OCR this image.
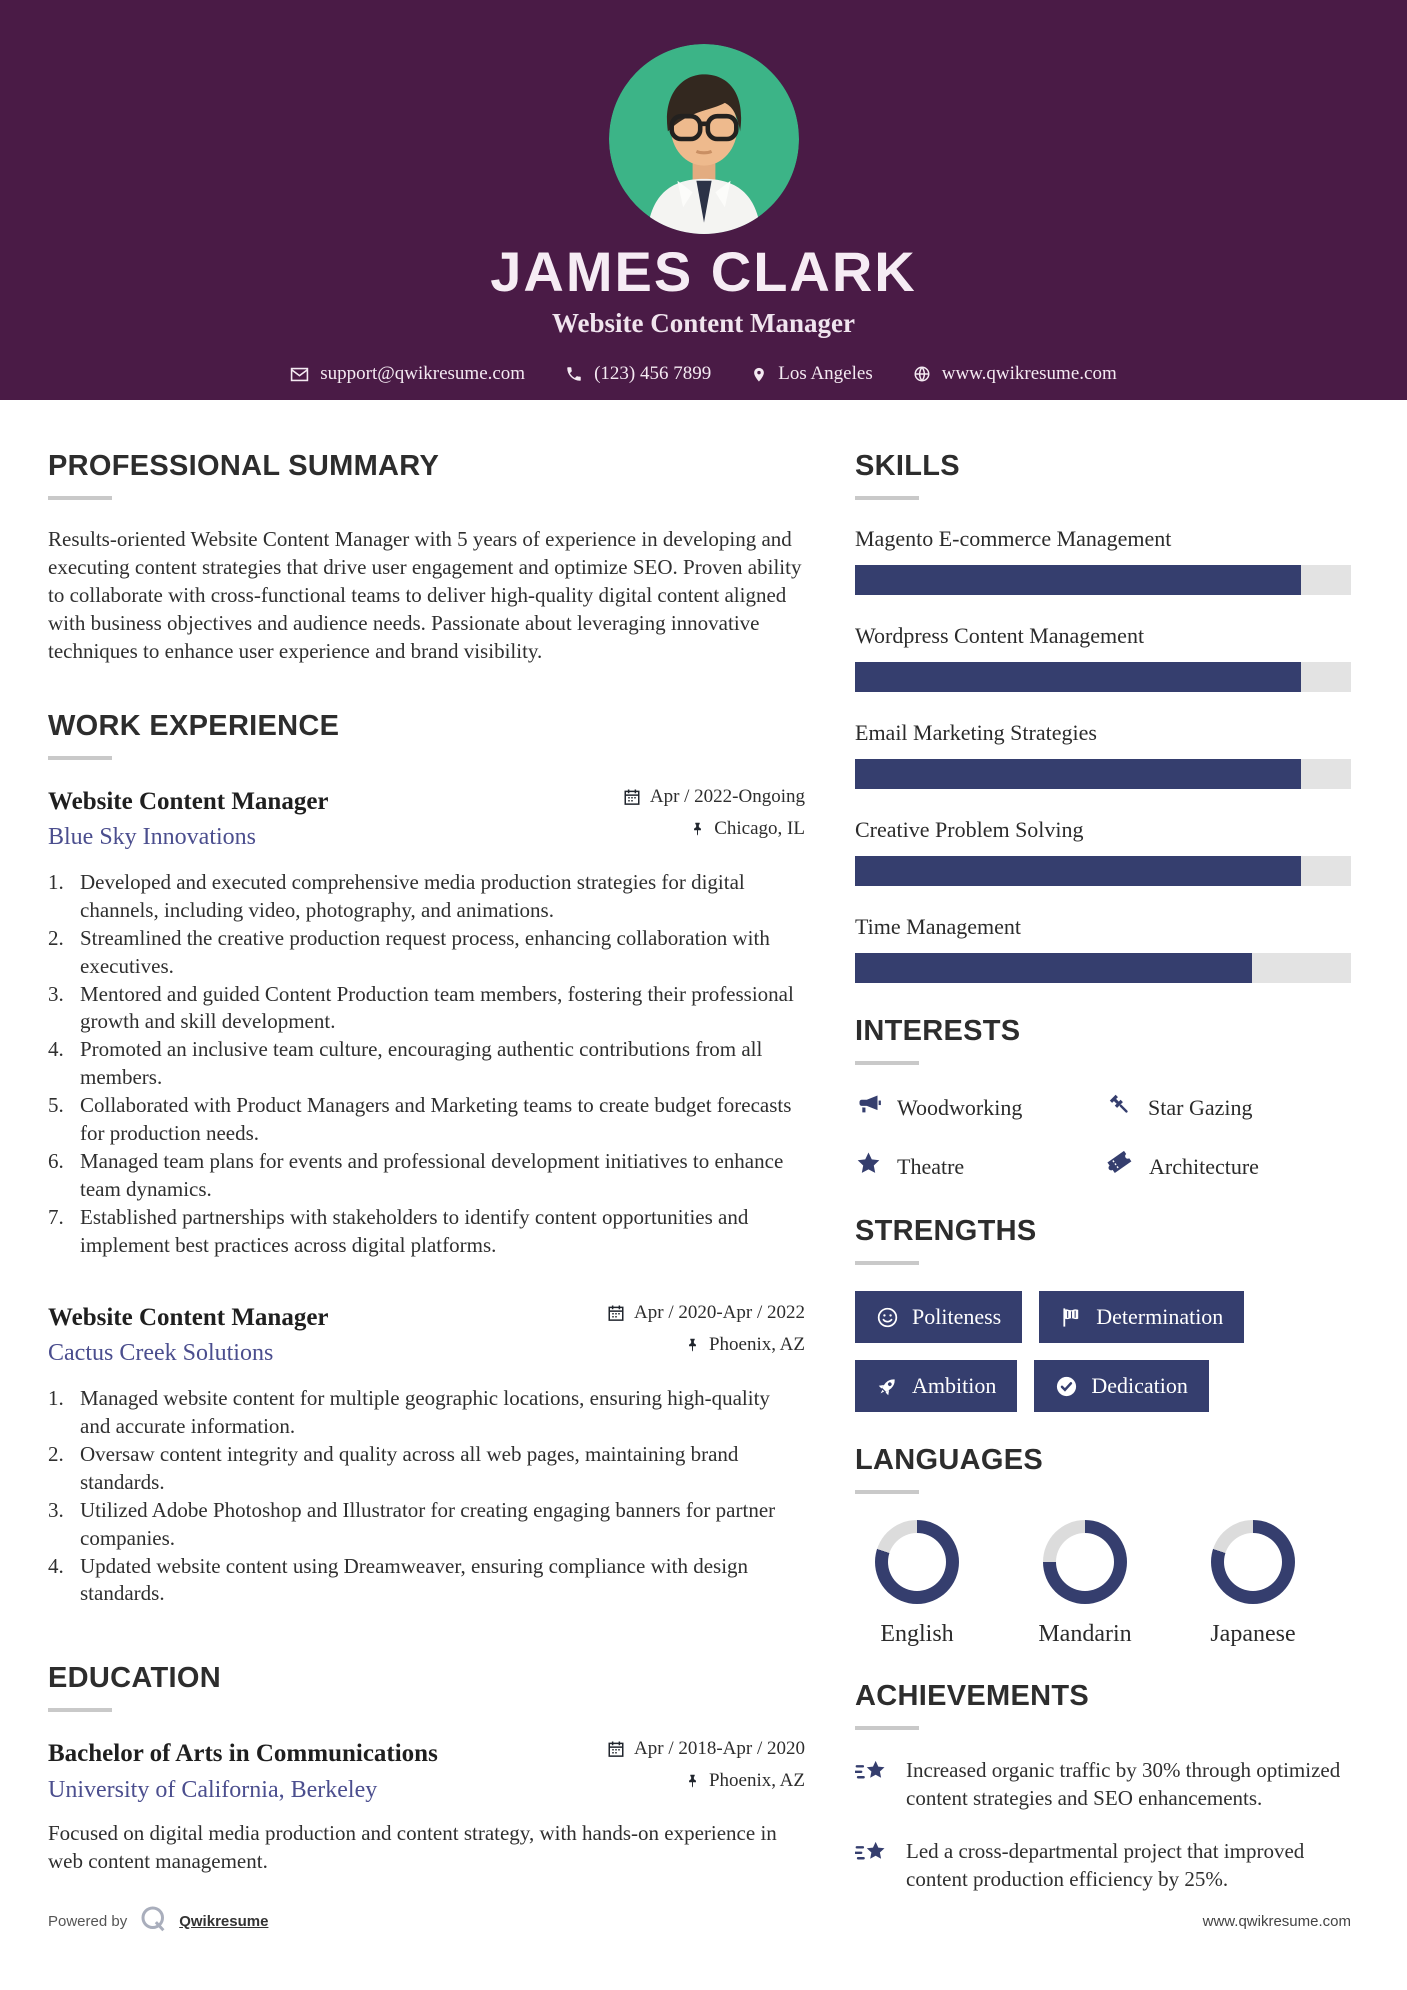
JAMES CLARK
Website Content Manager
support@qwikresume.com	(123) 456 7899	Los Angeles	www.qwikresume.com
PROFESSIONAL SUMMARY

Results-oriented Website Content Manager with 5 years of experience in developing and executing content strategies that drive user engagement and optimize SEO. Proven ability to collaborate with cross-functional teams to deliver high-quality digital content aligned with business objectives and audience needs. Passionate about leveraging innovative techniques to enhance user experience and brand visibility.

WORK EXPERIENCE
Website Content Manager
Blue Sky Innovations
Apr / 2022-Ongoing
Chicago, IL
Developed and executed comprehensive media production strategies for digital channels, including video, photography, and animations.
Streamlined the creative production request process, enhancing collaboration with executives.
Mentored and guided Content Production team members, fostering their professional growth and skill development.
Promoted an inclusive team culture, encouraging authentic contributions from all members.
Collaborated with Product Managers and Marketing teams to create budget forecasts for production needs.
Managed team plans for events and professional development initiatives to enhance team dynamics.
Established partnerships with stakeholders to identify content opportunities and implement best practices across digital platforms.
Website Content Manager
Cactus Creek Solutions
Apr / 2020-Apr / 2022
Phoenix, AZ
Managed website content for multiple geographic locations, ensuring high-quality and accurate information.
Oversaw content integrity and quality across all web pages, maintaining brand standards.
Utilized Adobe Photoshop and Illustrator for creating engaging banners for partner companies.
Updated website content using Dreamweaver, ensuring compliance with design standards.
EDUCATION
Bachelor of Arts in Communications
University of California, Berkeley
Apr / 2018-Apr / 2020
Phoenix, AZ

Focused on digital media production and content strategy, with hands-on experience in web content management.

SKILLS
Magento E-commerce Management
Wordpress Content Management
Email Marketing Strategies
Creative Problem Solving
Time Management
INTERESTS
Woodworking	Star Gazing
Theatre	Architecture
STRENGTHS
Politeness	Determination
Ambition	Dedication
LANGUAGES
English	Mandarin	Japanese
ACHIEVEMENTS
Increased organic traffic by 30% through optimized content strategies and SEO enhancements.
Led a cross-departmental project that improved content production efficiency by 25%.
Powered by	Qwikresume	www.qwikresume.com
